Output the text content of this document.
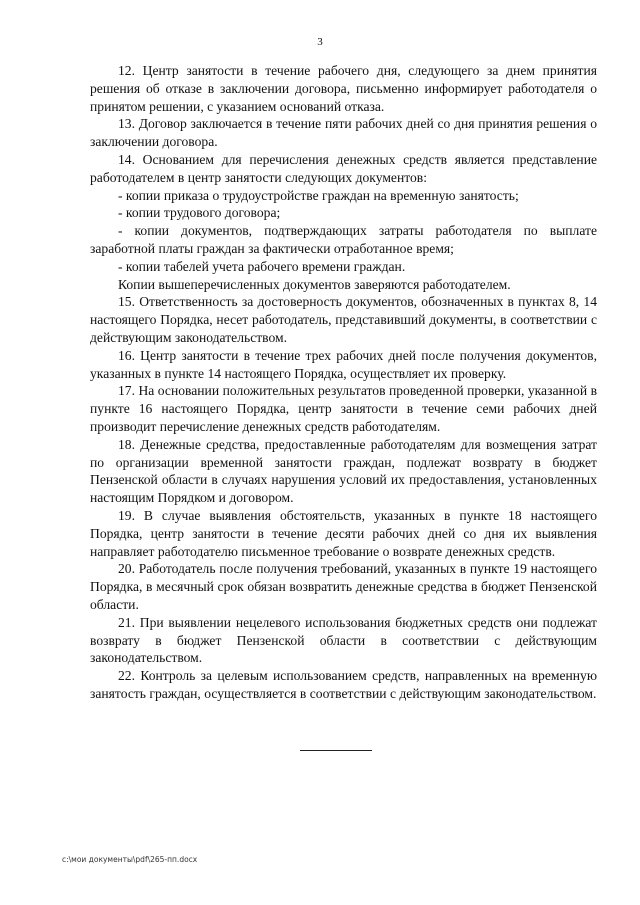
3

12. Центр занятости в течение рабочего дня, следующего за днем принятия решения об отказе в заключении договора, письменно информирует работодателя о принятом решении, с указанием оснований отказа.

13. Договор заключается в течение пяти рабочих дней со дня принятия решения о заключении договора.

14. Основанием для перечисления денежных средств является представление работодателем в центр занятости следующих документов:

- копии приказа о трудоустройстве граждан на временную занятость;

- копии трудового договора;

- копии документов, подтверждающих затраты работодателя по выплате заработной платы граждан за фактически отработанное время;

- копии табелей учета рабочего времени граждан.

Копии вышеперечисленных документов заверяются работодателем.

15. Ответственность за достоверность документов, обозначенных в пунктах 8, 14 настоящего Порядка, несет работодатель, представивший документы, в соответствии с действующим законодательством.

16. Центр занятости в течение трех рабочих дней после получения документов, указанных в пункте 14 настоящего Порядка, осуществляет их проверку.

17. На основании положительных результатов проведенной проверки, указанной в пункте 16 настоящего Порядка, центр занятости в течение семи рабочих дней производит перечисление денежных средств работодателям.

18. Денежные средства, предоставленные работодателям для возмещения затрат по организации временной занятости граждан, подлежат возврату в бюджет Пензенской области в случаях нарушения условий их предоставления, установленных настоящим Порядком и договором.

19. В случае выявления обстоятельств, указанных в пункте 18 настоящего Порядка, центр занятости в течение десяти рабочих дней со дня их выявления направляет работодателю письменное требование о возврате денежных средств.

20. Работодатель после получения требований, указанных в пункте 19 настоящего Порядка, в месячный срок обязан возвратить денежные средства в бюджет Пензенской области.

21. При выявлении нецелевого использования бюджетных средств они подлежат возврату в бюджет Пензенской области в соответствии с действующим законодательством.

22. Контроль за целевым использованием средств, направленных на временную занятость граждан, осуществляется в соответствии с действующим законодательством.

c:\мои документы\pdf\265-пп.docx
